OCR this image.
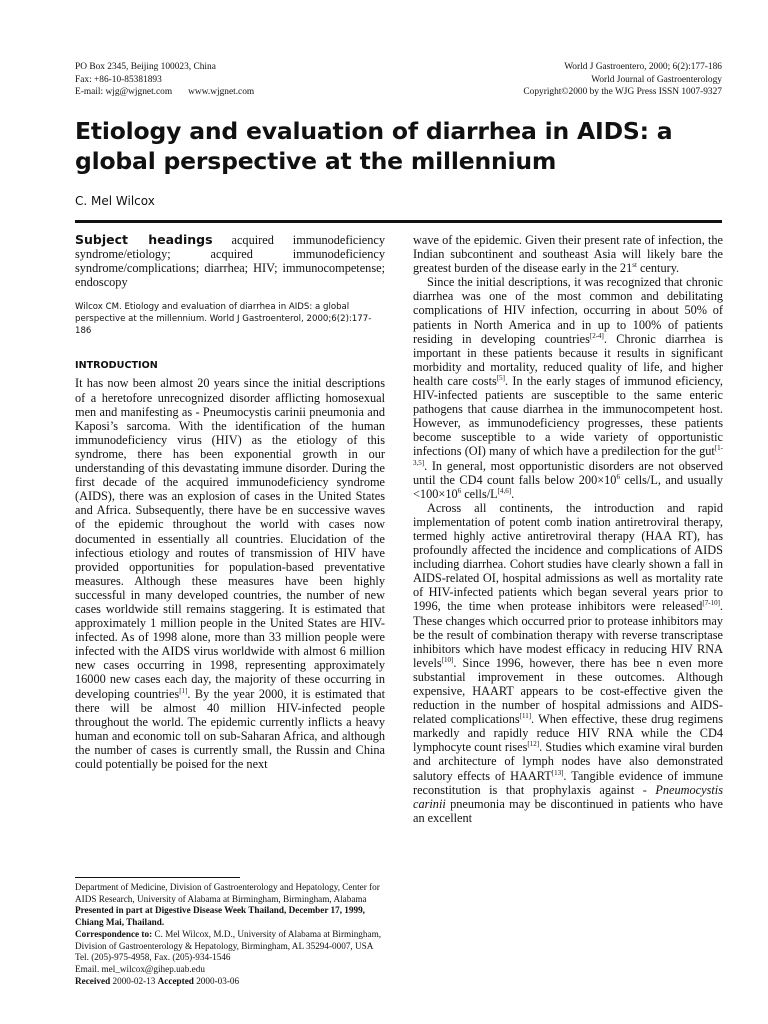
PO Box 2345, Beijing 100023, China
Fax: +86-10-85381893
E-mail: wjg@wjgnet.com www.wjgnet.com
World J Gastroentero, 2000; 6(2):177-186
World Journal of Gastroenterology
Copyright©2000 by the WJG Press ISSN 1007-9327
Etiology and evaluation of diarrhea in AIDS: a global perspective at the millennium
C. Mel Wilcox

Subject headings acquired immunodeficiency syndrome/etiology; acquired immunodeficiency syndrome/complications; diarrhea; HIV; immunocompetense; endoscopy

Wilcox CM. Etiology and evaluation of diarrhea in AIDS: a global perspective at the millennium. World J Gastroenterol, 2000;6(2):177-186

INTRODUCTION

It has now been almost 20 years since the initial descriptions of a heretofore unrecognized disorder afflicting homosexual men and manifesting as - Pneumocystis carinii pneumonia and Kaposi’s sarcoma. With the identification of the human immunodeficiency virus (HIV) as the etiology of this syndrome, there has been exponential growth in our understanding of this devastating immune disorder. During the first decade of the acquired immunodeficiency syndrome (AIDS), there was an explosion of cases in the United States and Africa. Subsequently, there have be en successive waves of the epidemic throughout the world with cases now documented in essentially all countries. Elucidation of the infectious etiology and routes of transmission of HIV have provided opportunities for population-based preventative measures. Although these measures have been highly successful in many developed countries, the number of new cases worldwide still remains staggering. It is estimated that approximately 1 million people in the United States are HIV-infected. As of 1998 alone, more than 33 million people were infected with the AIDS virus worldwide with almost 6 million new cases occurring in 1998, representing approximately 16000 new cases each day, the majority of these occurring in developing countries[1]. By the year 2000, it is estimated that there will be almost 40 million HIV-infected people throughout the world. The epidemic currently inflicts a heavy human and economic toll on sub-Saharan Africa, and although the number of cases is currently small, the Russin and China could potentially be poised for the next

Department of Medicine, Division of Gastroenterology and Hepatology, Center for AIDS Research, University of Alabama at Birmingham, Birmingham, Alabama
Presented in part at Digestive Disease Week Thailand, December 17, 1999, Chiang Mai, Thailand.
Correspondence to: C. Mel Wilcox, M.D., University of Alabama at Birmingham, Division of Gastroenterology & Hepatology, Birmingham, AL 35294-0007, USA
Tel. (205)-975-4958, Fax. (205)-934-1546
Email. mel_wilcox@gihep.uab.edu
Received 2000-02-13 Accepted 2000-03-06

wave of the epidemic. Given their present rate of infection, the Indian subcontinent and southeast Asia will likely bare the greatest burden of the disease early in the 21st century.

Since the initial descriptions, it was recognized that chronic diarrhea was one of the most common and debilitating complications of HIV infection, occurring in about 50% of patients in North America and in up to 100% of patients residing in developing countries[2-4]. Chronic diarrhea is important in these patients because it results in significant morbidity and mortality, reduced quality of life, and higher health care costs[5]. In the early stages of immunod eficiency, HIV-infected patients are susceptible to the same enteric pathogens that cause diarrhea in the immunocompetent host. However, as immunodeficiency progresses, these patients become susceptible to a wide variety of opportunistic infections (OI) many of which have a predilection for the gut[1-3,5]. In general, most opportunistic disorders are not observed until the CD4 count falls below 200×10$^6$ cells/L, and usually <100×10$^6$ cells/L[4,6].

Across all continents, the introduction and rapid implementation of potent comb ination antiretroviral therapy, termed highly active antiretroviral therapy (HAA RT), has profoundly affected the incidence and complications of AIDS including diarrhea. Cohort studies have clearly shown a fall in AIDS-related OI, hospital admissions as well as mortality rate of HIV-infected patients which began several years prior to 1996, the time when protease inhibitors were released[7-10]. These changes which occurred prior to protease inhibitors may be the result of combination therapy with reverse transcriptase inhibitors which have modest efficacy in reducing HIV RNA levels[10]. Since 1996, however, there has bee n even more substantial improvement in these outcomes. Although expensive, HAART appears to be cost-effective given the reduction in the number of hospital admissions and AIDS-related complications[11]. When effective, these drug regimens markedly and rapidly reduce HIV RNA while the CD4 lymphocyte count rises[12]. Studies which examine viral burden and architecture of lymph nodes have also demonstrated salutory effects of HAART[13]. Tangible evidence of immune reconstitution is that prophylaxis against - Pneumocystis carinii pneumonia may be discontinued in patients who have an excellent
